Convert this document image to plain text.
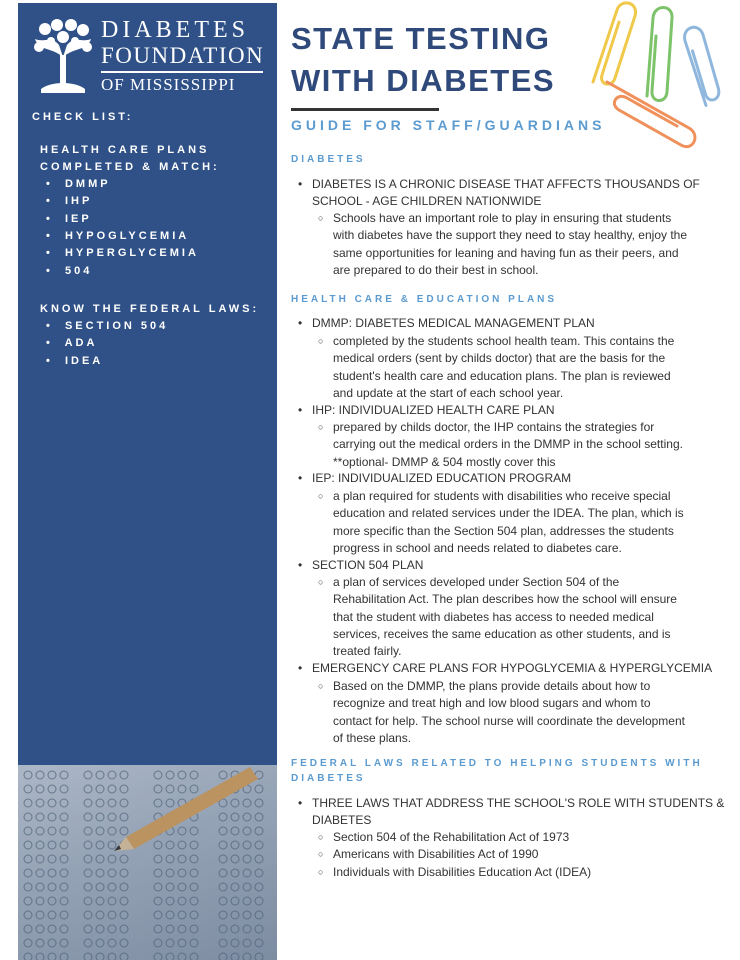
DIABETES
FOUNDATION
OF MISSISSIPPI
CHECK LIST:
HEALTH CARE PLANS
COMPLETED & MATCH:
•  DMMP
•  IHP
•  IEP
•  HYPOGLYCEMIA
•  HYPERGLYCEMIA
•  504
KNOW THE FEDERAL LAWS:
•  SECTION 504
•  ADA
•  IDEA
STATE TESTING
WITH DIABETES
GUIDE FOR STAFF/GUARDIANS
DIABETES
• DIABETES IS A CHRONIC DISEASE THAT AFFECTS THOUSANDS OF
SCHOOL - AGE CHILDREN NATIONWIDE
○ Schools have an important role to play in ensuring that students
with diabetes have the support they need to stay healthy, enjoy the
same opportunities for leaning and having fun as their peers, and
are prepared to do their best in school.
HEALTH CARE & EDUCATION PLANS
• DMMP: DIABETES MEDICAL MANAGEMENT PLAN
○ completed by the students school health team. This contains the
medical orders (sent by childs doctor) that are the basis for the
student's health care and education plans. The plan is reviewed
and update at the start of each school year.
• IHP: INDIVIDUALIZED HEALTH CARE PLAN
○ prepared by childs doctor, the IHP contains the strategies for
carrying out the medical orders in the DMMP in the school setting.
**optional- DMMP & 504 mostly cover this
• IEP: INDIVIDUALIZED EDUCATION PROGRAM
○ a plan required for students with disabilities who receive special
education and related services under the IDEA. The plan, which is
more specific than the Section 504 plan, addresses the students
progress in school and needs related to diabetes care.
• SECTION 504 PLAN
○ a plan of services developed under Section 504 of the
Rehabilitation Act. The plan describes how the school will ensure
that the student with diabetes has access to needed medical
services, receives the same education as other students, and is
treated fairly.
• EMERGENCY CARE PLANS FOR HYPOGLYCEMIA & HYPERGLYCEMIA
○ Based on the DMMP, the plans provide details about how to
recognize and treat high and low blood sugars and whom to
contact for help. The school nurse will coordinate the development
of these plans.
FEDERAL LAWS RELATED TO HELPING STUDENTS WITH
DIABETES
• THREE LAWS THAT ADDRESS THE SCHOOL'S ROLE WITH STUDENTS &
DIABETES
○ Section 504 of the Rehabilitation Act of 1973
○ Americans with Disabilities Act of 1990
○ Individuals with Disabilities Education Act (IDEA)
